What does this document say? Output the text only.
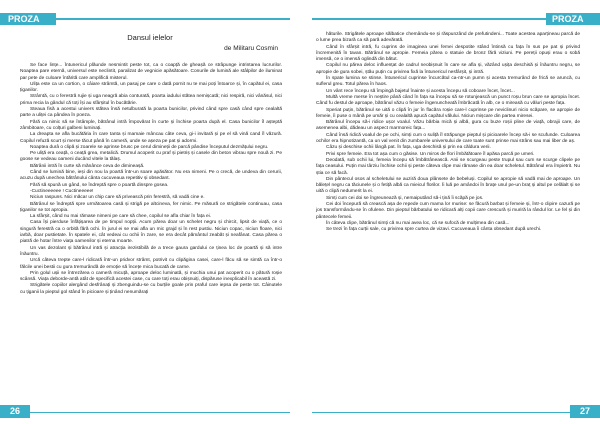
PROZA
Dansul ielelor
de Militaru Cosmin

Se face lințe... Întunericul plăunde nesmintit peste tot, ca o coapță de gheașă ce strâpunge intrintarea lucrurilor. Noaptea pare eternă, universul este neclintit, paralizat de vegnicie apăsătoare. Conurile de lumină ale stâlpilor de iluminat par pete de culoare întărită care amplifică misterul.

Ulița este ca un cortion, o câiare strâmtă, un pasaj pe care o dată pornit nu te mai poți întoarce și, în capătul ei, casa țiganilor.

Strâmtă, cu o ferestră rujie și uga neagră abia conturată, poarta iadului stătea nemișcată; nici respiră, nici vânăsul, nici prima recia la gândul că toți își au sfârșitul în bucătărie.

Steaua fisă a acestui univers stătea însă netulburată la poarta bunicilor, privind când spre casă când spre cealaltă parte a uliței ca pândea în poeza.

Fără ca nimic să se întâmple, bătrânul intră împovărat în curte și închise poarta după el. Casa bunicilor îl așteptă zâmbitoare, cu colțuri galbeni luminați.

La dreapta se afla bucătăria în care tanta și mamaie mâncau câte ceva, gi-i invitară și pe el să vină cand îl văzură. Copilul refuză scurt și merse tăcut până în cameră, unde se așeza pe pat și adormi.

Noaptea durâ o clipă și zoarele se aprinse brusc pe cerul dimineții de parcă pândise începutul dezmățului negru.

Pe uliță era ceață, o ceață grea, metalică. Drumul acoperit cu praf și pietriș și casele din beton vibrau spre nouă zi. Pe goose se vedeau oameni ducând vitele la tălaș.

Bătrânii intră în curte să mănânce ceva de dimineașă.

Când se lumină bine, ieși din nou la poartă într-un soare apăsător. Nu era nimeni. Pe o crecă, de undeva din cerurii, acuzu după unechea bătrânului cânta cucuveaua repetitiv și obsedant.

Fără să spună un gând, se îndreptă spre o poartă dinspre gosea.

-Cuctineeeeee ! Cuctineeeee!

Niciun raspuns. Nici măcar un chip care să privească prin ferestră, să vadă cine e.

Bătrânul se îndreptă spre următoarea casă și strigă pe altcineva, fer nimic. Pe măsură ce strigătele continuau, casa țiganilor se tot apropia.

La sfârșit, când nu mai rămase nimeni pe care să chee, copilul se afla chiar în fața ei.

Casa își pierduse înfățișarea de pe timpul nopții. Acum părea doar un schelet negru și chircit, lipsit de viață, ce o singură ferestră ca o orbită fără ochi. În jurul ei se mai afla un mic grajd și în rest pustiu. Niciun copac, niciun floare, nici iarbă, doar pustietate. În spatele ei, cât vedeai cu ochii în zare, se era decât pământul zeabăt și neafânat. Casa părea o piatră de hotar între viața oamenilor și eterna moarte.

Un vas dezolant și bătrânul intră și atracția irezistibilă de a trece gaura gardului ce ținea loc de poartă și să intre înăuntru.

Urcă câteva trepte care-l ridicară într-un pridvor strâmt, potrivit cu clipăgina casei, care-l făcu să se simtă ca într-o fălcile unei bestii cu gura tremurândă de emoție să încețe mica bucată de carne.

Prin golul ușii se întrezărea o cameră micuță, aproape deloc luminată, și muchia unui pat acoperit cu o pătură roșie scânsă. Viața deborde-antă atât de specifică acestei case, cu care toți erau obișnuiți, dispăruse inexplicabil în această zi.

Strigătele copiilor alergând desfrânați și zbenguindu-se cu burțile goale prin praful care iepsa de peste tot. Câinutele cu țiganii la pieptul gol stând în picioare și ținând nenumărați

26
PROZA

hăturile. Strigătele aproape sălbatice chemându-se și răspunzând de prefutindeni... Toate acestea aparțineau parcă de o lume prea bizară ca să pară adevărată.

Când în sfârșit intră, fu cuprins de imaginea unei femei despotite stând întinsă cu fața în sus pe pat și privind încremenită în tavan. Bătrânul se apropie. Femeia părea o statuie de bronz fără viziuni. Pe pereții opuși erau o sobă imensă, ce o imensă oglindă din bătut.

Copilul nu părea deloc influențat de cadrul neobișnuit în care se afla și, văzând ușița deschisă și înăuntru negru, se apropie de gura sobei, ștău puțin cu privirea fixă la întunericul nesfârșit, și intră.

În spate lumina se stinse. Întunericul cuprinse încurcătul ca-ntr-un pumn și acesta tremurând de frică se aruncă, cu suflerul greu. Totul părea în haos.

Un vânt rece începu să împingă bajetul înainte și acesta începu să coboare încet, încet...

Multă vreme merse în neștire până când în fața sa începu să se rotunjească un punct roșu brun care se apropia încet. Când fu destul de aproape, bătrânul văzu o femeie îngenuncheată îmbrăcată în alb, ce o mireasă cu văluri peste fața.

Speriat puțin, bătrânul se uită o clipă în jur în flacăra roșie care-l cuprinse pe neviclinuri nicio scăpare, se apropie de femeie, îi puse o mână pe umăr și cu cealaltă apucă capătul vălului. Niciun mișcare din partea miresei.

Bătrânul începu să-i ridice ușor voalul. Văzu bărbia mică și albă, gura cu buze roșii pline de viață, obrajii care, de asemenea albi, dădeau un aspect marmoreic fața...

Când însă ridică voalul de pe ochi, simți cum o suliță îl străpunge pieptul și picioarele încep să-i se scufunde. Culoarea ochilor era hipnotizantă, ca un val venit din zumbarele universului de care toate sunt prinse mai strâns sau mai liber de aș.

Câzu și deschise ochii lângă pat. În fața, uga deschisă și prin ea căldura verii.

Privi spre femeie. Era tot așa cum o găsise. Un miros de flori îmbătătoare îl apăsa parcă pe umeri.

Deodată, sub ochii lui, femeia începu să îmbătrânească. Anii se scurgeau peste trupul sau cum se scurge clipele pe fața ceasului. Puțin mai târziu închise ochii și peste câteva clipe mai rămase din ea doar scheletul. Bătrânul era împietrit. Nu știa ce să facă.

Din pântecul osos al scheletului se auziră doua plânsete de bebeluși. Copilul se apropie să vadă mai de aproape. Un bălețel negru ca tăciunele și o fetiță albă ca mieicul florilor. Îi luă pe amândoi în brațe unul pe-un braț și altul pe celălalt și se uită o clipă nedumerit la ei.

Simți cum cei doi se îngreunează și, nemaiputând să-i țină îi scăpă pe jos.

Cei doi începură să crească așa de repede cum mama lor murise: se făcură barbat și femeie și, într-o clipire cazură pe jos transformându-se în ofulene. Din pieptul bărbatului se ridicară alți copii care crescură și muriră la rândul lor. Le fel și din pântecele femeii.

În câteva clipe, bătrânul simți că nu mai avea loc, că se sufocă de mulțimea din casă...

Se trezi în fața curții sale, cu privirea spre curtea de vizavi. Cucuveaua îi cânta obsedant după urechi.

27
